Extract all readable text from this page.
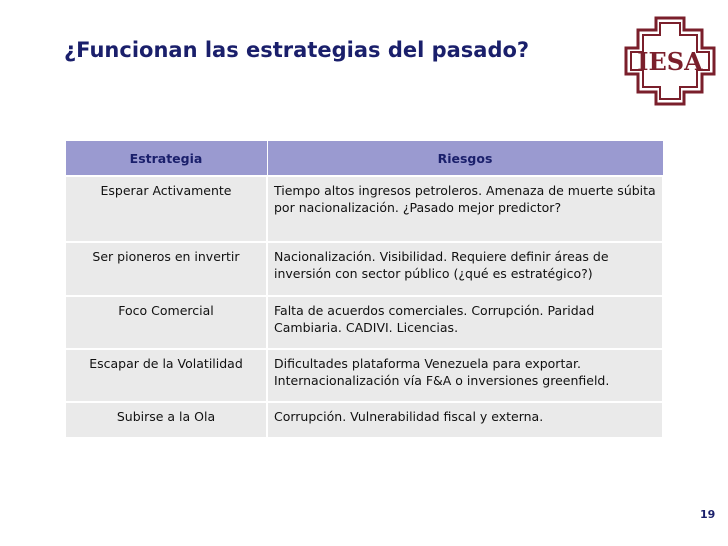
¿Funcionan las estrategias del pasado?	IESA
Estrategia	Riesgos
Esperar Activamente	Tiempo altos ingresos petroleros. Amenaza de muerte súbita por nacionalización. ¿Pasado mejor predictor?
Ser pioneros en invertir	Nacionalización. Visibilidad. Requiere definir áreas de inversión con sector público (¿qué es estratégico?)
Foco Comercial	Falta de acuerdos comerciales. Corrupción. Paridad Cambiaria. CADIVI. Licencias.
Escapar de la Volatilidad	Dificultades plataforma Venezuela para exportar. Internacionalización vía F&A o inversiones greenfield.
Subirse a la Ola	Corrupción. Vulnerabilidad fiscal y externa.
19
